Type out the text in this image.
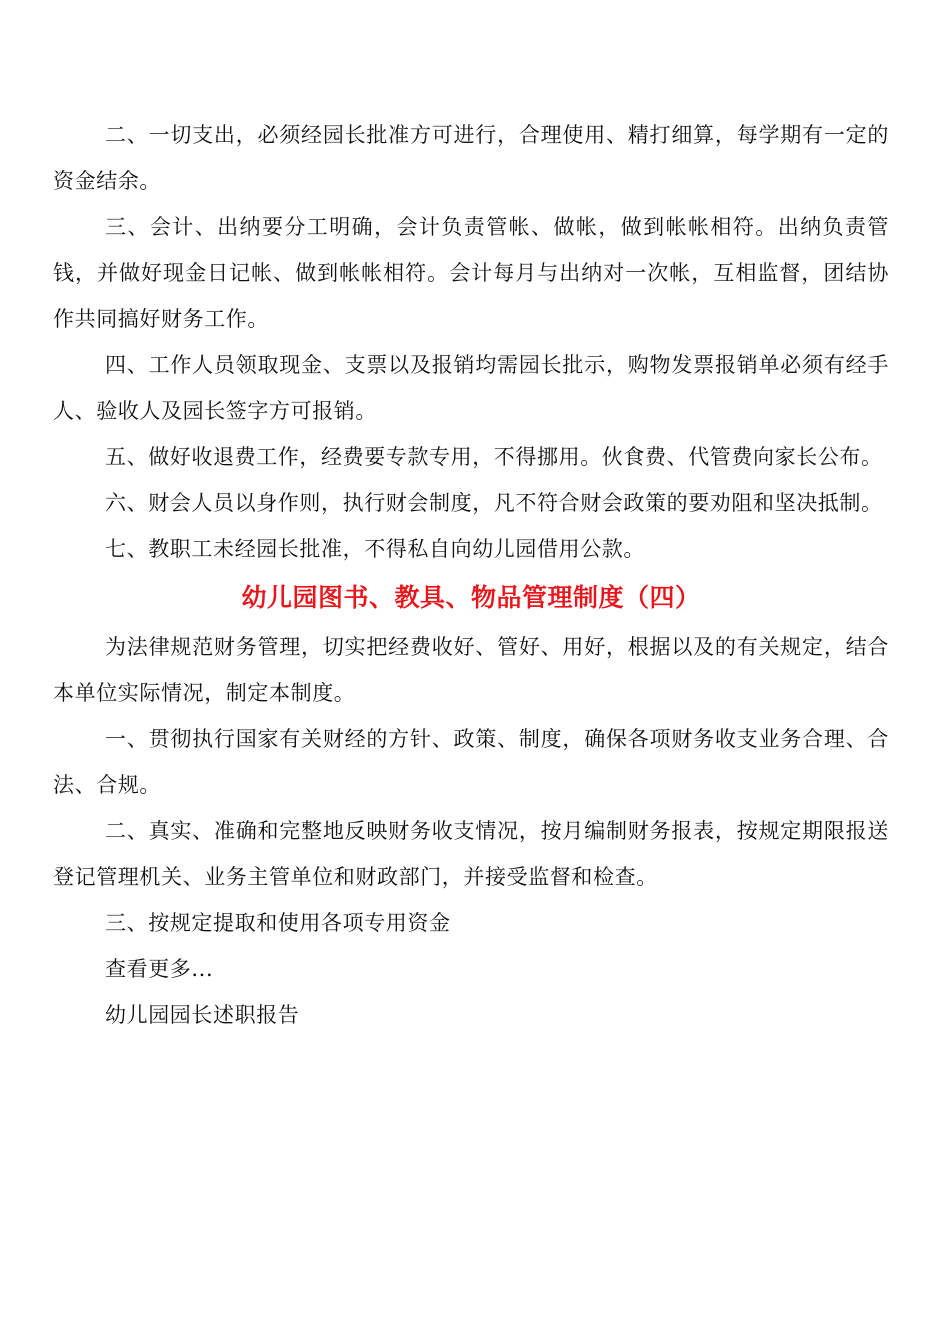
二、一切支出，必须经园长批准方可进行，合理使用、精打细算，每学期有一定的资金结余。

三、会计、出纳要分工明确，会计负责管帐、做帐，做到帐帐相符。出纳负责管钱，并做好现金日记帐、做到帐帐相符。会计每月与出纳对一次帐，互相监督，团结协作共同搞好财务工作。

四、工作人员领取现金、支票以及报销均需园长批示，购物发票报销单必须有经手人、验收人及园长签字方可报销。

五、做好收退费工作，经费要专款专用，不得挪用。伙食费、代管费向家长公布。

六、财会人员以身作则，执行财会制度，凡不符合财会政策的要劝阻和坚决抵制。

七、教职工未经园长批准，不得私自向幼儿园借用公款。

幼儿园图书、教具、物品管理制度（四）

为法律规范财务管理，切实把经费收好、管好、用好，根据以及的有关规定，结合本单位实际情况，制定本制度。

一、贯彻执行国家有关财经的方针、政策、制度，确保各项财务收支业务合理、合法、合规。

二、真实、准确和完整地反映财务收支情况，按月编制财务报表，按规定期限报送登记管理机关、业务主管单位和财政部门，并接受监督和检查。

三、按规定提取和使用各项专用资金

查看更多...

幼儿园园长述职报告
